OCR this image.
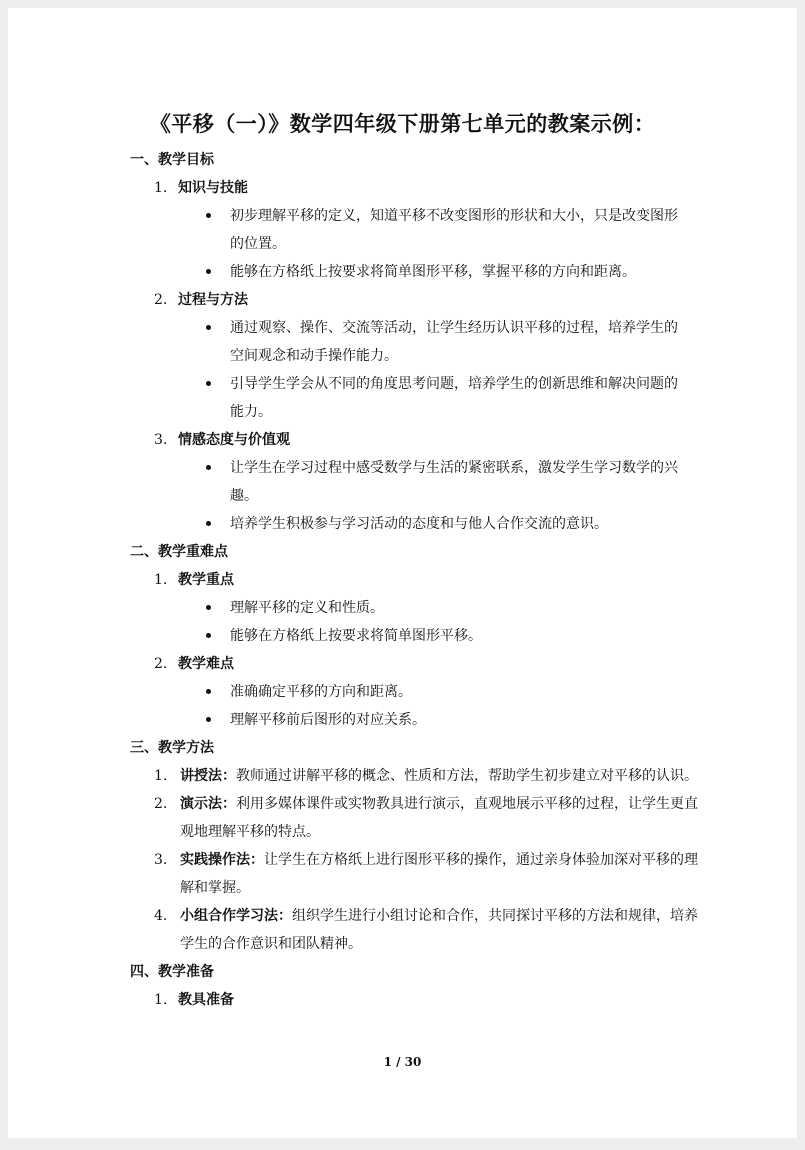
《平移（一）》数学四年级下册第七单元的教案示例：
一、教学目标
1. 知识与技能
初步理解平移的定义，知道平移不改变图形的形状和大小，只是改变图形的位置。
能够在方格纸上按要求将简单图形平移，掌握平移的方向和距离。
2. 过程与方法
通过观察、操作、交流等活动，让学生经历认识平移的过程，培养学生的空间观念和动手操作能力。
引导学生学会从不同的角度思考问题，培养学生的创新思维和解决问题的能力。
3. 情感态度与价值观
让学生在学习过程中感受数学与生活的紧密联系，激发学生学习数学的兴趣。
培养学生积极参与学习活动的态度和与他人合作交流的意识。
二、教学重难点
1. 教学重点
理解平移的定义和性质。
能够在方格纸上按要求将简单图形平移。
2. 教学难点
准确确定平移的方向和距离。
理解平移前后图形的对应关系。
三、教学方法
1. 讲授法：教师通过讲解平移的概念、性质和方法，帮助学生初步建立对平移的认识。
2. 演示法：利用多媒体课件或实物教具进行演示，直观地展示平移的过程，让学生更直观地理解平移的特点。
3. 实践操作法：让学生在方格纸上进行图形平移的操作，通过亲身体验加深对平移的理解和掌握。
4. 小组合作学习法：组织学生进行小组讨论和合作，共同探讨平移的方法和规律，培养学生的合作意识和团队精神。
四、教学准备
1. 教具准备
1 / 30
